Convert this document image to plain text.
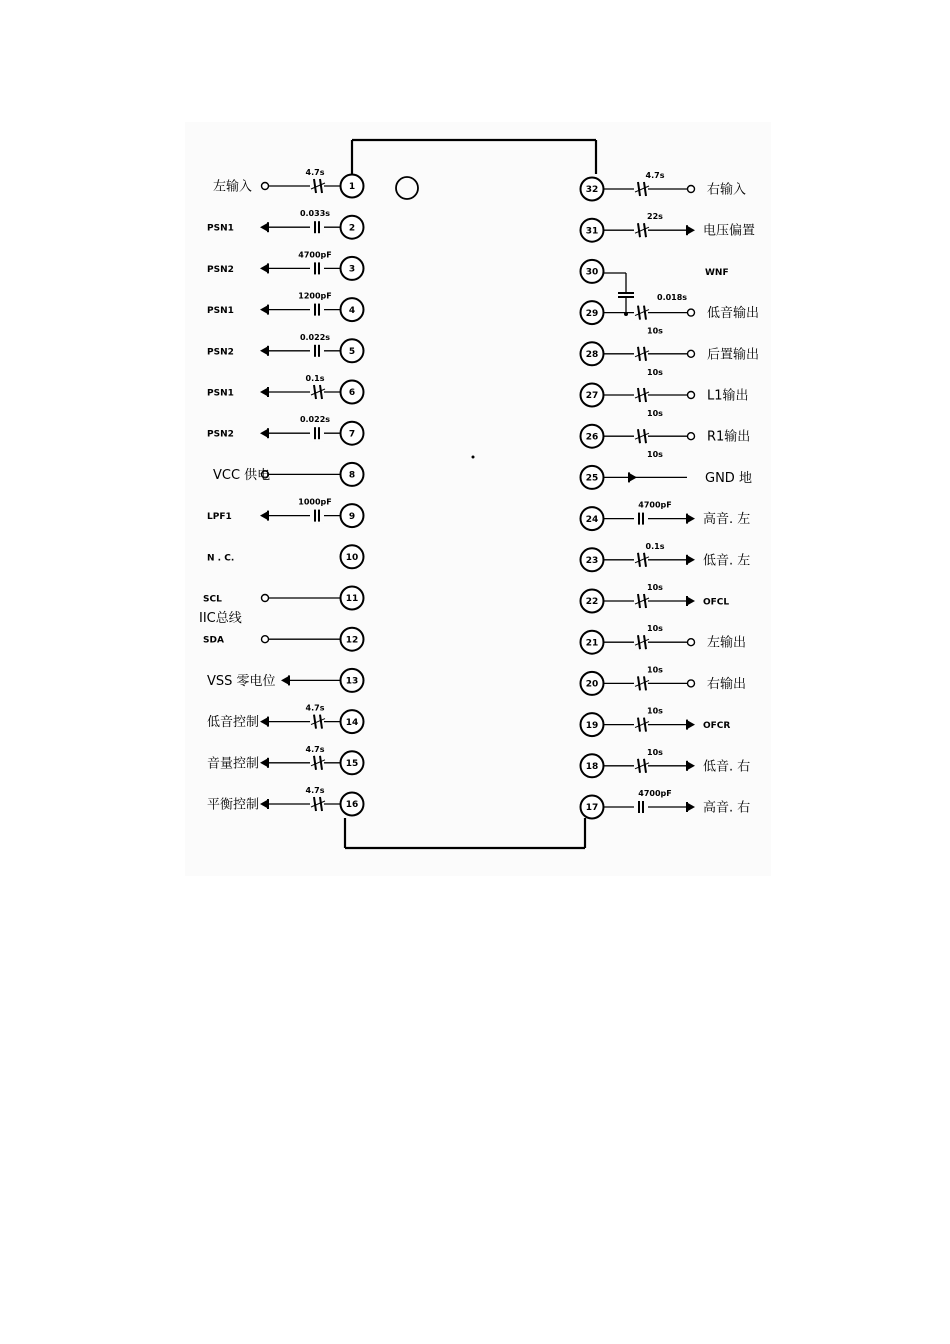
1
4.7s
左输入
2
0.033s
PSN1
3
4700pF
PSN2
4
1200pF
PSN1
5
0.022s
PSN2
6
0.1s
PSN1
7
0.022s
PSN2
8
VCC 供电
9
1000pF
LPF1
10
N . C.
11
SCL
12
SDA
13
VSS 零电位
14
4.7s
低音控制
15
4.7s
音量控制
16
4.7s
平衡控制
32
4.7s
右输入
31
22s
电压偏置
30	WNF
29
10s
低音输出
28
10s
后置输出
27
10s
L1输出
26
10s
R1输出
25	GND 地
24
4700pF
高音. 左
23
0.1s
低音. 左
22
10s
OFCL
21
10s
左输出
20
10s
右输出
19
10s
OFCR
18
10s
低音. 右
17
4700pF
高音. 右
0.018s
IIC总线
